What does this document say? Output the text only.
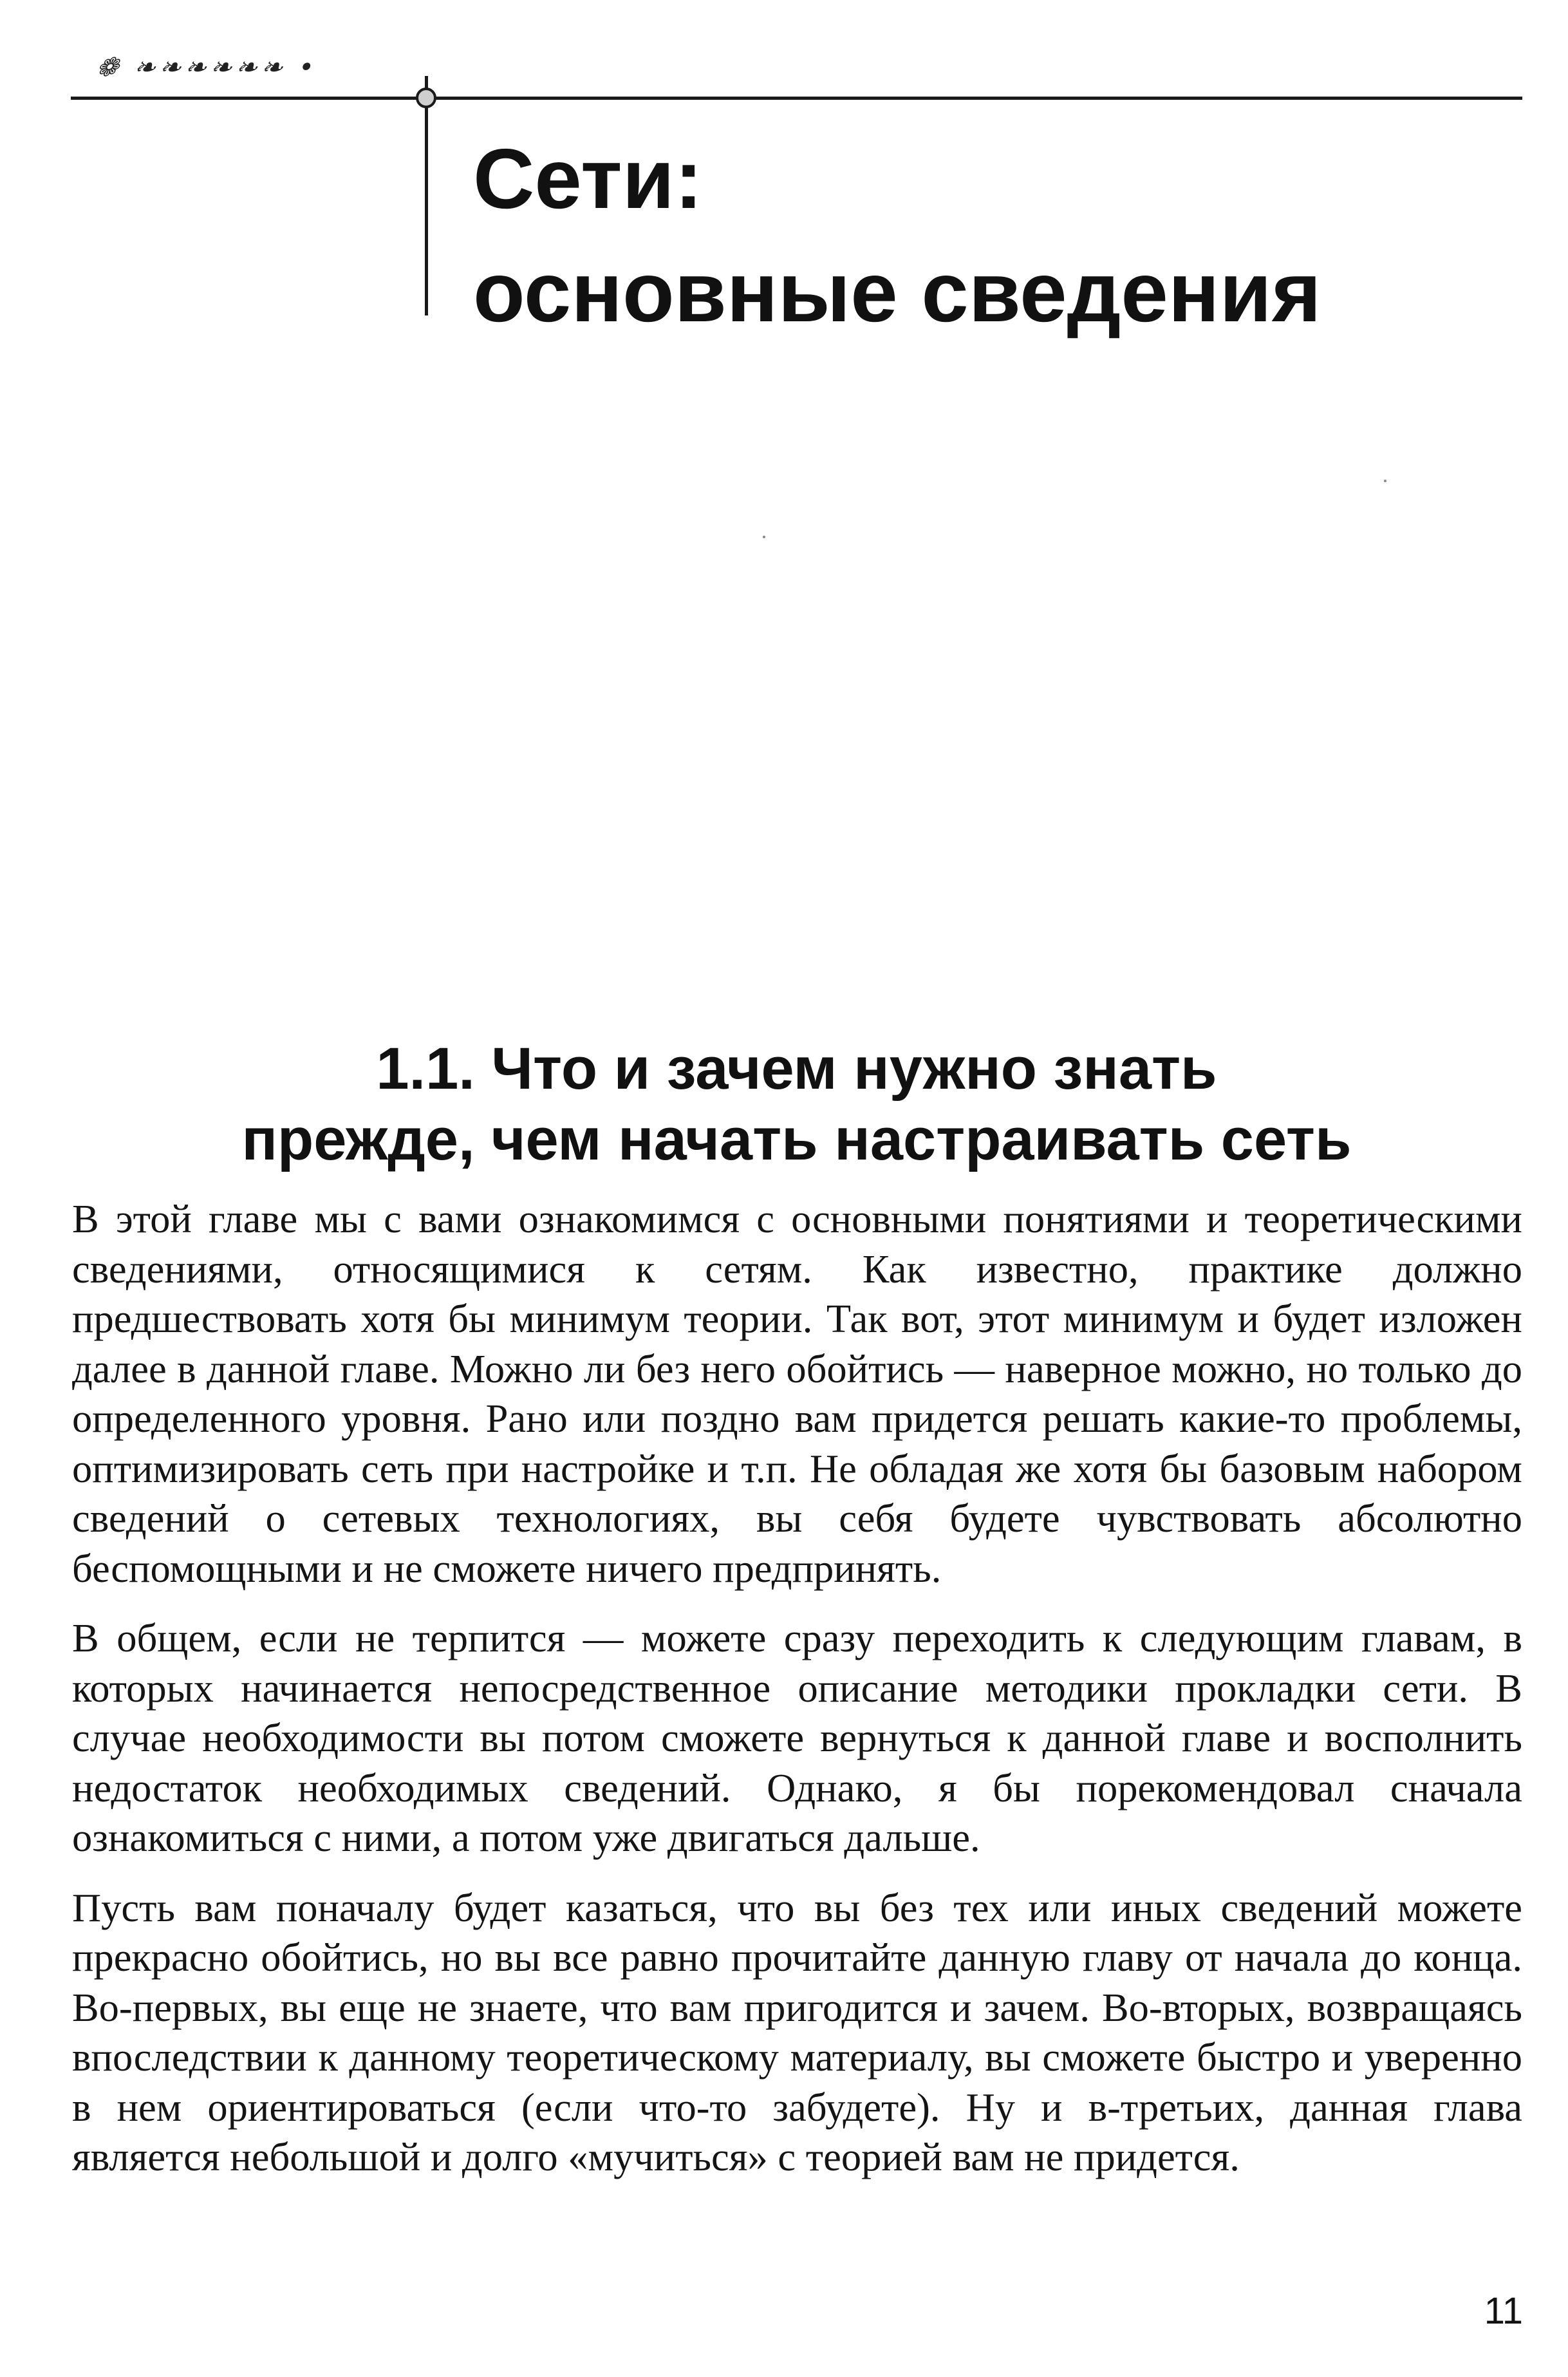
❁ ❧❧❧❧❧❧ •
Сети:
основные сведения
1.1. Что и зачем нужно знать
прежде, чем начать настраивать сеть

В этой главе мы с вами ознакомимся с основными понятиями и теоретическими сведениями, относящимися к сетям. Как известно, практике должно предшествовать хотя бы минимум теории. Так вот, этот минимум и будет изложен далее в данной главе. Можно ли без него обойтись — наверное можно, но только до определенного уровня. Рано или поздно вам придется решать какие-то проблемы, оптимизировать сеть при настройке и т.п. Не обладая же хотя бы базовым набором сведений о сетевых технологиях, вы себя будете чувствовать абсолютно беспомощными и не сможете ничего предпринять.

В общем, если не терпится — можете сразу переходить к следующим главам, в которых начинается непосредственное описание методики прокладки сети. В случае необходимости вы потом сможете вернуться к данной главе и восполнить недостаток необходимых сведений. Однако, я бы порекомендовал сначала ознакомиться с ними, а потом уже двигаться дальше.

Пусть вам поначалу будет казаться, что вы без тех или иных сведений можете прекрасно обойтись, но вы все равно прочитайте данную главу от начала до конца. Во-первых, вы еще не знаете, что вам пригодится и зачем. Во-вторых, возвращаясь впоследствии к данному теоретическому материалу, вы сможете быстро и уверенно в нем ориентироваться (если что-то забудете). Ну и в-третьих, данная глава является небольшой и долго «мучиться» с теорией вам не придется.

11
